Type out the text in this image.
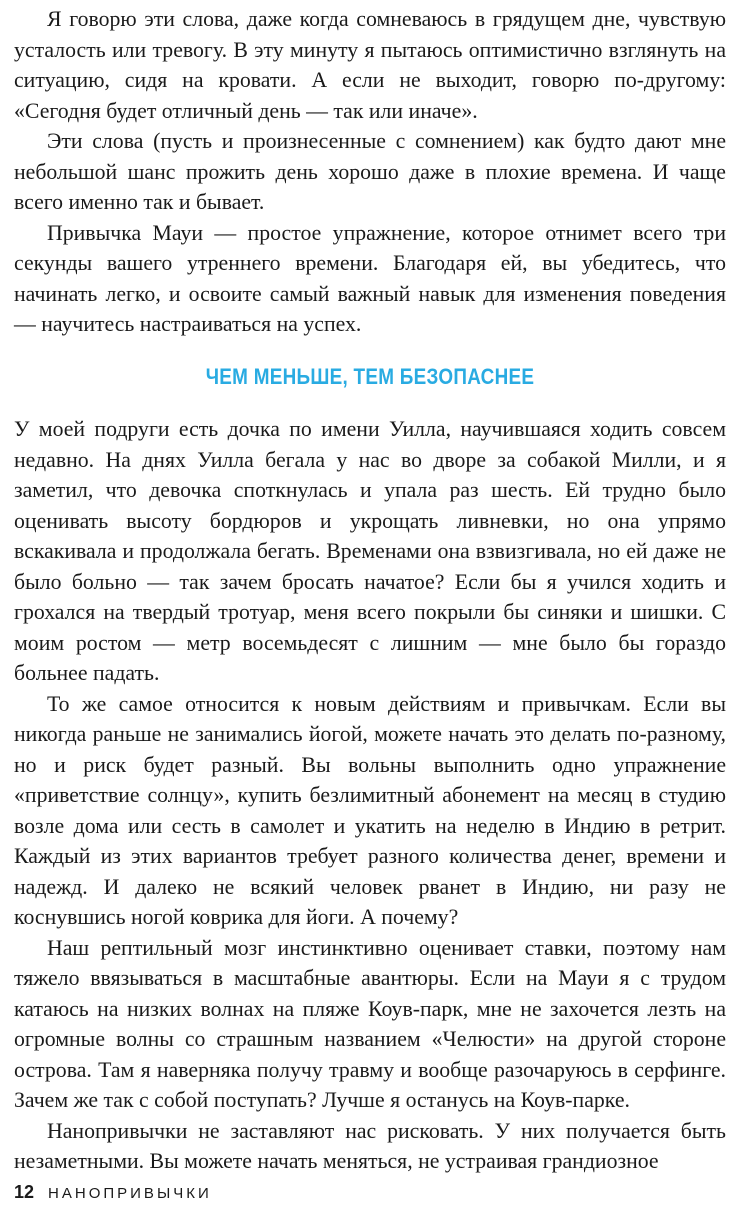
Я говорю эти слова, даже когда сомневаюсь в грядущем дне, чувствую усталость или тревогу. В эту минуту я пытаюсь оптимистично взглянуть на ситуацию, сидя на кровати. А если не выходит, говорю по-другому: «Сегодня будет отличный день — так или иначе».

Эти слова (пусть и произнесенные с сомнением) как будто дают мне небольшой шанс прожить день хорошо даже в плохие времена. И чаще всего именно так и бывает.

Привычка Мауи — простое упражнение, которое отнимет всего три секунды вашего утреннего времени. Благодаря ей, вы убедитесь, что начинать легко, и освоите самый важный навык для изменения поведения — научитесь настраиваться на успех.

ЧЕМ МЕНЬШЕ, ТЕМ БЕЗОПАСНЕЕ

У моей подруги есть дочка по имени Уилла, научившаяся ходить совсем недавно. На днях Уилла бегала у нас во дворе за собакой Милли, и я заметил, что девочка споткнулась и упала раз шесть. Ей трудно было оценивать высоту бордюров и укрощать ливневки, но она упрямо вскакивала и продолжала бегать. Временами она взвизгивала, но ей даже не было больно — так зачем бросать начатое? Если бы я учился ходить и грохался на твердый тротуар, меня всего покрыли бы синяки и шишки. С моим ростом — метр восемьдесят с лишним — мне было бы гораздо больнее падать.

То же самое относится к новым действиям и привычкам. Если вы никогда раньше не занимались йогой, можете начать это делать по-разному, но и риск будет разный. Вы вольны выполнить одно упражнение «приветствие солнцу», купить безлимитный абонемент на месяц в студию возле дома или сесть в самолет и укатить на неделю в Индию в ретрит. Каждый из этих вариантов требует разного количества денег, времени и надежд. И далеко не всякий человек рванет в Индию, ни разу не коснувшись ногой коврика для йоги. А почему?

Наш рептильный мозг инстинктивно оценивает ставки, поэтому нам тяжело ввязываться в масштабные авантюры. Если на Мауи я с трудом катаюсь на низких волнах на пляже Коув-парк, мне не захочется лезть на огромные волны со страшным названием «Челюсти» на другой стороне острова. Там я наверняка получу травму и вообще разочаруюсь в серфинге. Зачем же так с собой поступать? Лучше я останусь на Коув-парке.

Нанопривычки не заставляют нас рисковать. У них получается быть незаметными. Вы можете начать меняться, не устраивая грандиозное

12 НАНОПРИВЫЧКИ
